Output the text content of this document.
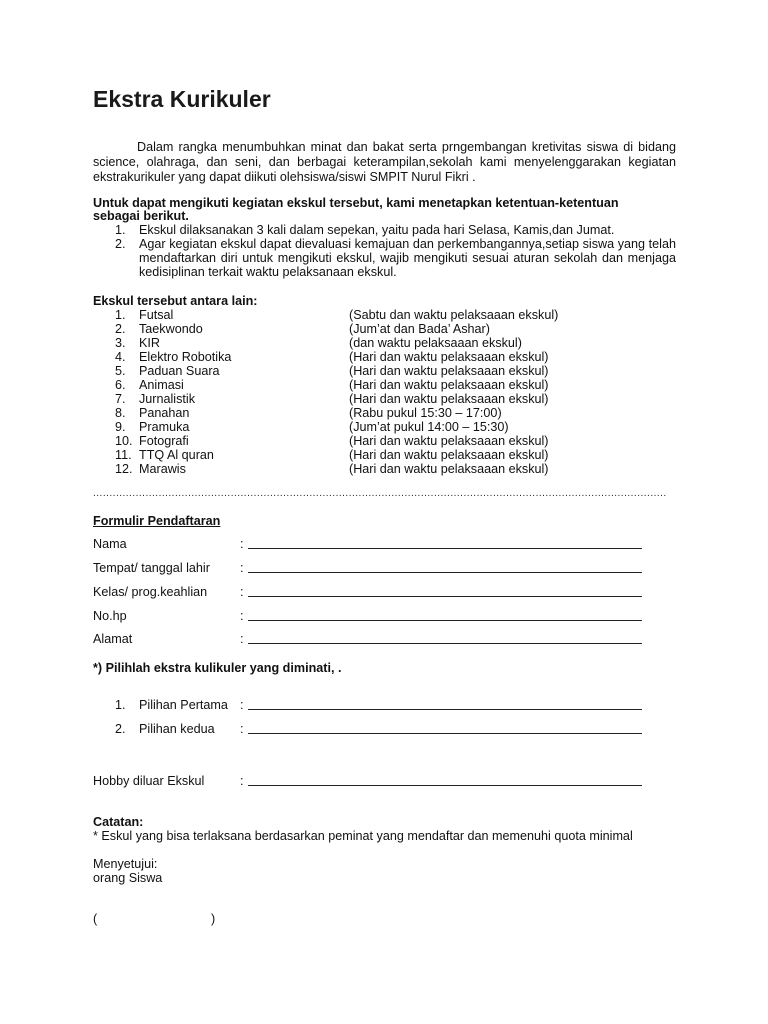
Ekstra Kurikuler
Dalam rangka menumbuhkan minat dan bakat serta prngembangan kretivitas siswa di bidang science, olahraga, dan seni, dan berbagai keterampilan,sekolah kami menyelenggarakan kegiatan ekstrakurikuler yang dapat diikuti olehsiswa/siswi SMPIT Nurul Fikri .
Untuk dapat mengikuti kegiatan ekskul tersebut, kami menetapkan ketentuan-ketentuan
sebagai berikut.
1. Ekskul dilaksanakan 3 kali dalam sepekan, yaitu pada hari Selasa, Kamis,dan Jumat.
2. Agar kegiatan ekskul dapat dievaluasi kemajuan dan perkembangannya,setiap siswa yang telah mendaftarkan diri untuk mengikuti ekskul, wajib mengikuti sesuai aturan sekolah dan menjaga kedisiplinan terkait waktu pelaksanaan ekskul.
Ekskul tersebut antara lain:
1. Futsal	(Sabtu dan waktu pelaksaaan ekskul)
2. Taekwondo	(Jum’at dan Bada’ Ashar)
3. KIR	(dan waktu pelaksaaan ekskul)
4. Elektro Robotika	(Hari dan waktu pelaksaaan ekskul)
5. Paduan Suara	(Hari dan waktu pelaksaaan ekskul)
6. Animasi	(Hari dan waktu pelaksaaan ekskul)
7. Jurnalistik	(Hari dan waktu pelaksaaan ekskul)
8. Panahan	(Rabu pukul 15:30 – 17:00)
9. Pramuka	(Jum’at pukul 14:00 – 15:30)
10. Fotografi	(Hari dan waktu pelaksaaan ekskul)
11. TTQ Al quran	(Hari dan waktu pelaksaaan ekskul)
12. Marawis	(Hari dan waktu pelaksaaan ekskul)
...............................................................................................................................................................................
Formulir Pendaftaran
Nama	:
Tempat/ tanggal lahir :
Kelas/ prog.keahlian	:
No.hp	:
Alamat	:
*) Pilihlah ekstra kulikuler yang diminati, .
1. Pilihan Pertama :
2. Pilihan kedua :
Hobby diluar Ekskul	:
Catatan:
* Eskul yang bisa terlaksana berdasarkan peminat yang mendaftar dan memenuhi quota minimal
Menyetujui:
orang Siswa
(	)
